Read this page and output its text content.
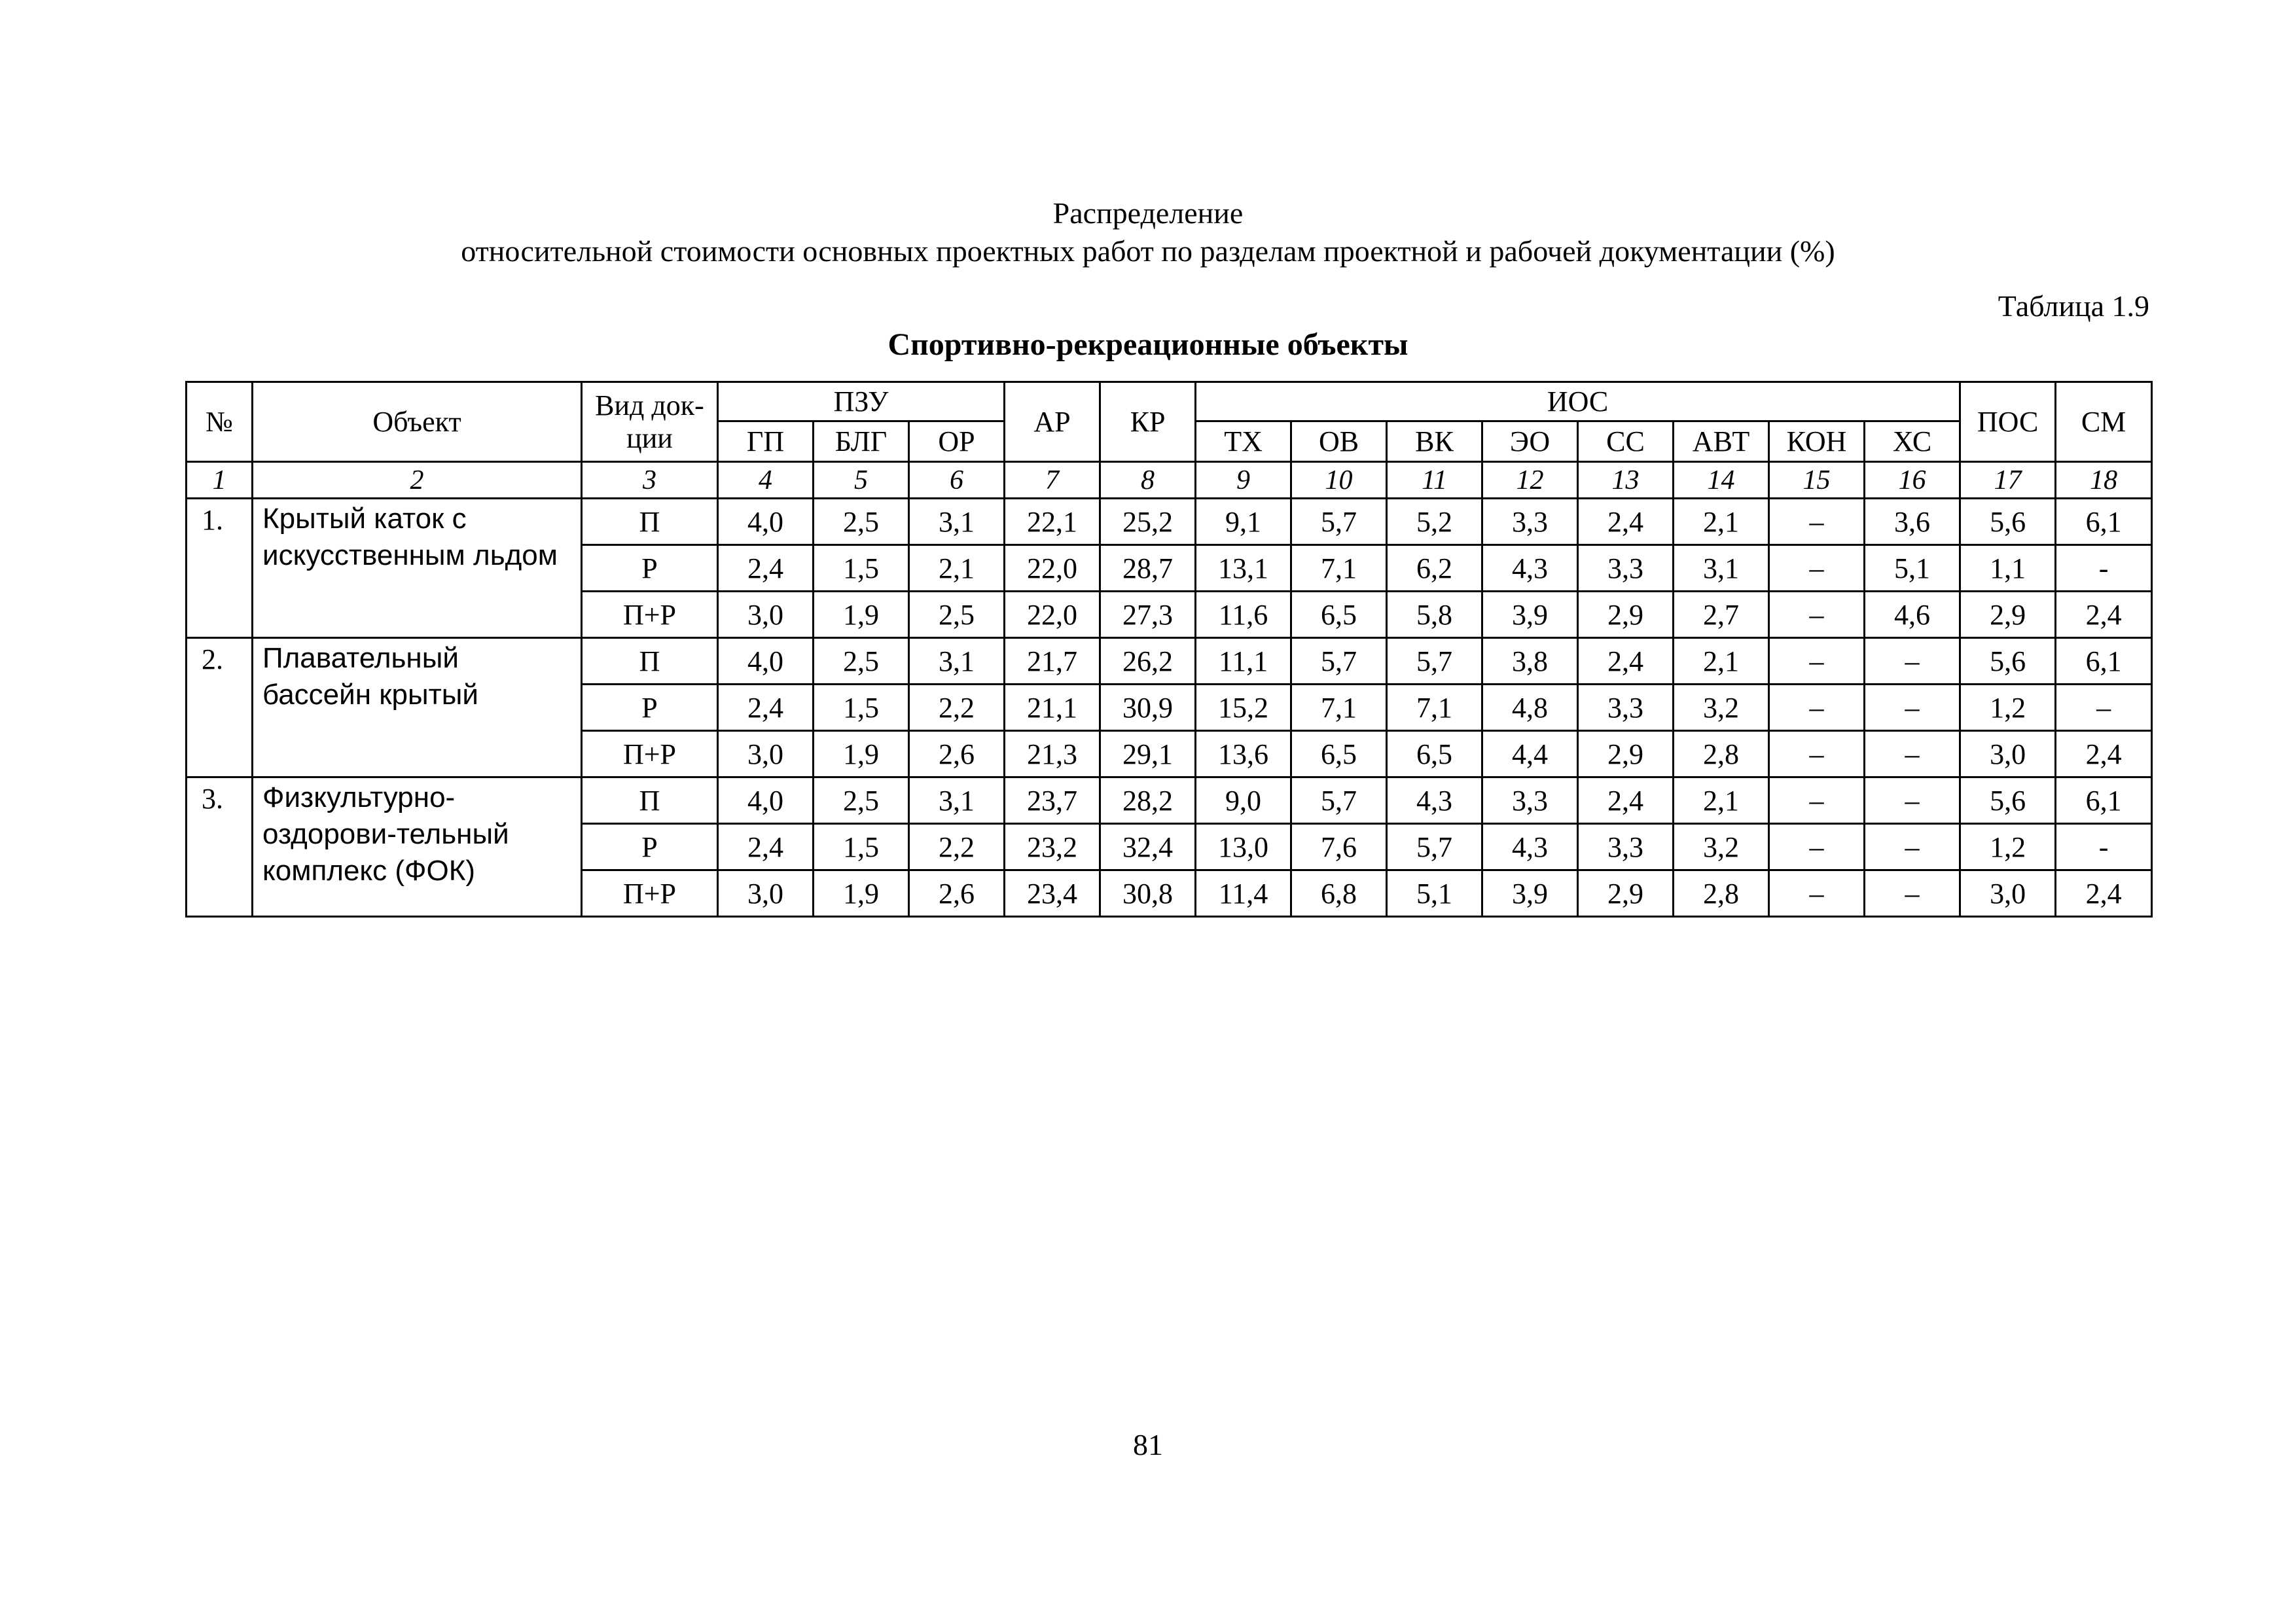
Распределение
относительной стоимости основных проектных работ по разделам проектной и рабочей документации (%)
Таблица 1.9
Спортивно-рекреационные объекты
№	Объект	Вид док-ции	ПЗУ			АР	КР	ИОС								ПОС	СМ
			ГП	БЛГ	ОР			ТХ	ОВ	ВК	ЭО	СС	АВТ	КОН	ХС		
1	2	3	4	5	6	7	8	9	10	11	12	13	14	15	16	17	18
1.	Крытый каток с искусственным льдом	П	4,0	2,5	3,1	22,1	25,2	9,1	5,7	5,2	3,3	2,4	2,1	–	3,6	5,6	6,1
		Р	2,4	1,5	2,1	22,0	28,7	13,1	7,1	6,2	4,3	3,3	3,1	–	5,1	1,1	-
		П+Р	3,0	1,9	2,5	22,0	27,3	11,6	6,5	5,8	3,9	2,9	2,7	–	4,6	2,9	2,4
2.	Плавательный бассейн крытый	П	4,0	2,5	3,1	21,7	26,2	11,1	5,7	5,7	3,8	2,4	2,1	–	–	5,6	6,1
		Р	2,4	1,5	2,2	21,1	30,9	15,2	7,1	7,1	4,8	3,3	3,2	–	–	1,2	–
		П+Р	3,0	1,9	2,6	21,3	29,1	13,6	6,5	6,5	4,4	2,9	2,8	–	–	3,0	2,4
3.	Физкультурно-оздорови-тельный комплекс (ФОК)	П	4,0	2,5	3,1	23,7	28,2	9,0	5,7	4,3	3,3	2,4	2,1	–	–	5,6	6,1
		Р	2,4	1,5	2,2	23,2	32,4	13,0	7,6	5,7	4,3	3,3	3,2	–	–	1,2	-
		П+Р	3,0	1,9	2,6	23,4	30,8	11,4	6,8	5,1	3,9	2,9	2,8	–	–	3,0	2,4
81
